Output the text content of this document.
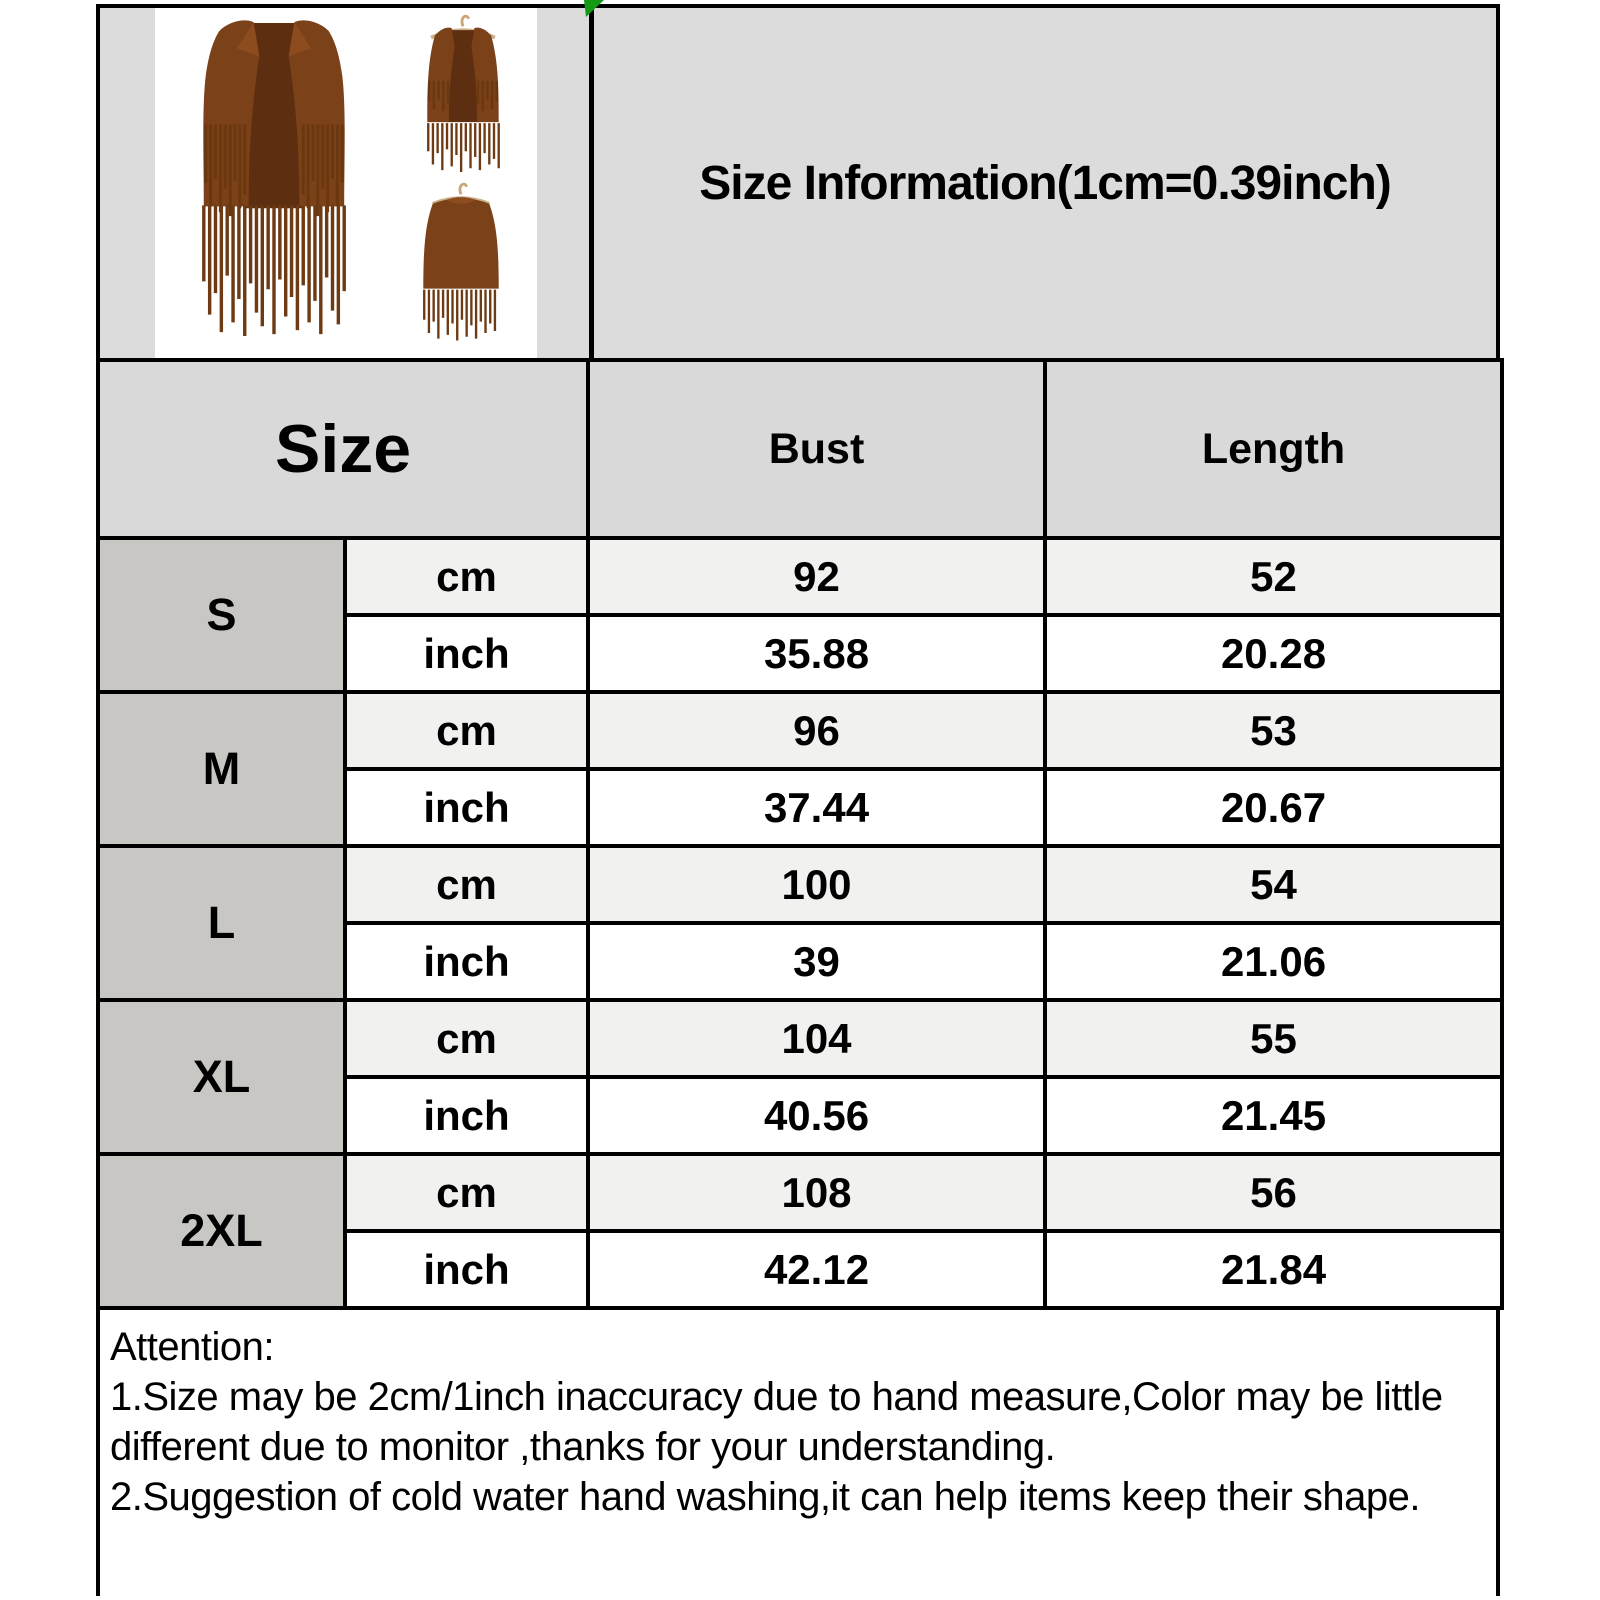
Size Information(1cm=0.39inch)
Size		Bust	Length
S	cm	92	52
	inch	35.88	20.28
M	cm	96	53
	inch	37.44	20.67
L	cm	100	54
	inch	39	21.06
XL	cm	104	55
	inch	40.56	21.45
2XL	cm	108	56
	inch	42.12	21.84
Attention:
1.Size may be 2cm/1inch inaccuracy due to hand measure,Color may be little
different due to monitor ,thanks for your understanding.
2.Suggestion of cold water hand washing,it can help items keep their shape.
